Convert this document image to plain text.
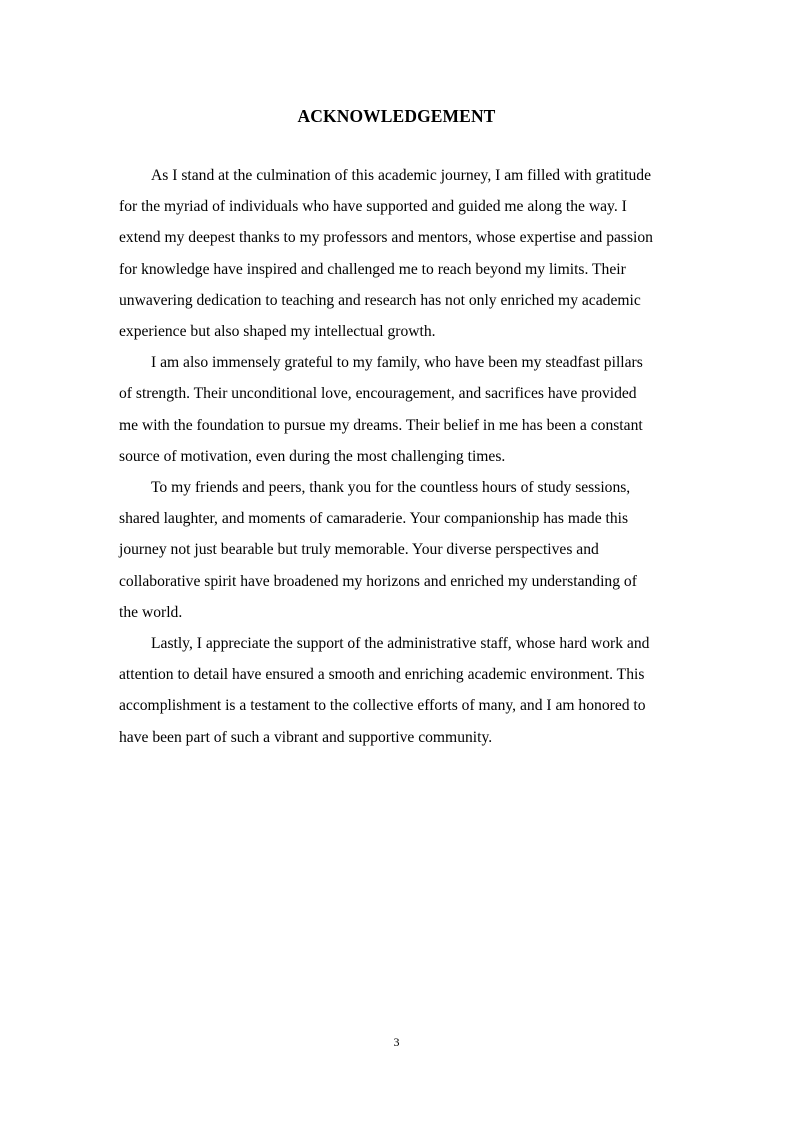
ACKNOWLEDGEMENT

As I stand at the culmination of this academic journey, I am filled with gratitude
for the myriad of individuals who have supported and guided me along the way. I
extend my deepest thanks to my professors and mentors, whose expertise and passion
for knowledge have inspired and challenged me to reach beyond my limits. Their
unwavering dedication to teaching and research has not only enriched my academic
experience but also shaped my intellectual growth.

I am also immensely grateful to my family, who have been my steadfast pillars
of strength. Their unconditional love, encouragement, and sacrifices have provided
me with the foundation to pursue my dreams. Their belief in me has been a constant
source of motivation, even during the most challenging times.

To my friends and peers, thank you for the countless hours of study sessions,
shared laughter, and moments of camaraderie. Your companionship has made this
journey not just bearable but truly memorable. Your diverse perspectives and
collaborative spirit have broadened my horizons and enriched my understanding of
the world.

Lastly, I appreciate the support of the administrative staff, whose hard work and
attention to detail have ensured a smooth and enriching academic environment. This
accomplishment is a testament to the collective efforts of many, and I am honored to
have been part of such a vibrant and supportive community.

3
